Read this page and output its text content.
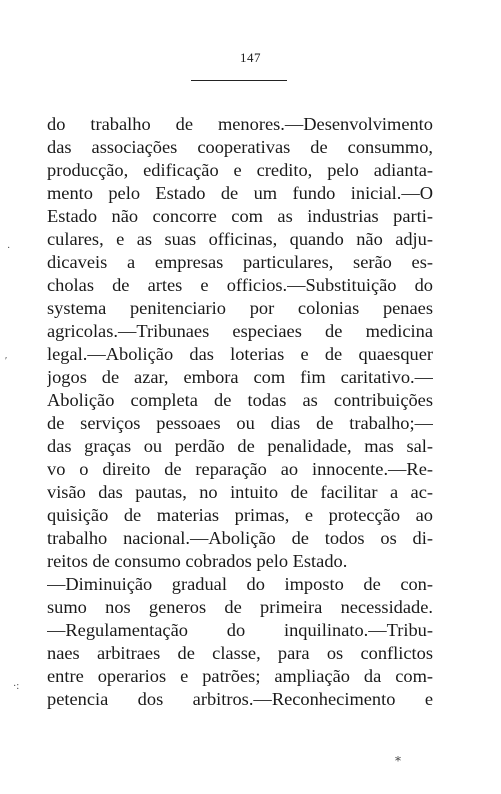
147
do trabalho de menores.—Desenvolvimento
das associações cooperativas de consummo,
producção, edificação e credito, pelo adianta-
mento pelo Estado de um fundo inicial.—O
Estado não concorre com as industrias parti-
culares, e as suas officinas, quando não adju-
dicaveis a empresas particulares, serão es-
cholas de artes e officios.—Substituição do
systema penitenciario por colonias penaes
agricolas.—Tribunaes especiaes de medicina
legal.—Abolição das loterias e de quaesquer
jogos de azar, embora com fim caritativo.—
Abolição completa de todas as contribuições
de serviços pessoaes ou dias de trabalho;—
das graças ou perdão de penalidade, mas sal-
vo o direito de reparação ao innocente.—Re-
visão das pautas, no intuito de facilitar a ac-
quisição de materias primas, e protecção ao
trabalho nacional.—Abolição de todos os di-
reitos de consumo cobrados pelo Estado.
—Diminuição gradual do imposto de con-
sumo nos generos de primeira necessidade.
—Regulamentação do inquilinato.—Tribu-
naes arbitraes de classe, para os conflictos
entre operarios e patrões; ampliação da com-
petencia dos arbitros.—Reconhecimento e
·
′
·:
⁎
